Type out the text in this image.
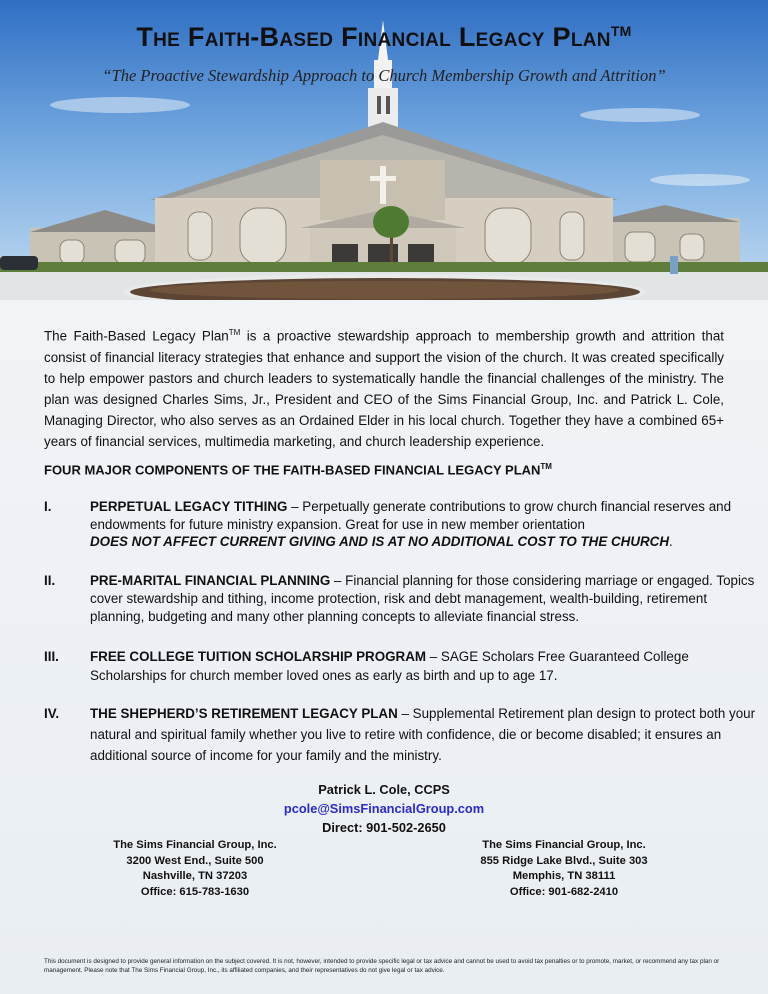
The Faith-Based Financial Legacy Plan™
“The Proactive Stewardship Approach to Church Membership Growth and Attrition”
The Faith-Based Legacy Plan™ is a proactive stewardship approach to membership growth and attrition that consist of financial literacy strategies that enhance and support the vision of the church. It was created specifically to help empower pastors and church leaders to systematically handle the financial challenges of the ministry. The plan was designed Charles Sims, Jr., President and CEO of the Sims Financial Group, Inc. and Patrick L. Cole, Managing Director, who also serves as an Ordained Elder in his local church. Together they have a combined 65+ years of financial services, multimedia marketing, and church leadership experience.
FOUR MAJOR COMPONENTS OF THE FAITH-BASED FINANCIAL LEGACY PLAN™
I.	PERPETUAL LEGACY TITHING – Perpetually generate contributions to grow church financial reserves and endowments for future ministry expansion. Great for use in new member orientation
DOES NOT AFFECT CURRENT GIVING AND IS AT NO ADDITIONAL COST TO THE CHURCH.
II.	PRE-MARITAL FINANCIAL PLANNING – Financial planning for those considering marriage or engaged. Topics cover stewardship and tithing, income protection, risk and debt management, wealth-building, retirement planning, budgeting and many other planning concepts to alleviate financial stress.
III. FREE COLLEGE TUITION SCHOLARSHIP PROGRAM – SAGE Scholars Free Guaranteed College Scholarships for church member loved ones as early as birth and up to age 17.
IV. THE SHEPHERD’S RETIREMENT LEGACY PLAN – Supplemental Retirement plan design to protect both your natural and spiritual family whether you live to retire with confidence, die or become disabled; it ensures an additional source of income for your family and the ministry.
Patrick L. Cole, CCPS
pcole@SimsFinancialGroup.com
Direct: 901-502-2650
The Sims Financial Group, Inc.
3200 West End., Suite 500
Nashville, TN 37203
Office: 615-783-1630
The Sims Financial Group, Inc.
855 Ridge Lake Blvd., Suite 303
Memphis, TN 38111
Office: 901-682-2410
This document is designed to provide general information on the subject covered. It is not, however, intended to provide specific legal or tax advice and cannot be used to avoid tax penalties or to promote, market, or recommend any tax plan or management. Please note that The Sims Financial Group, Inc., its affiliated companies, and their representatives do not give legal or tax advice.
